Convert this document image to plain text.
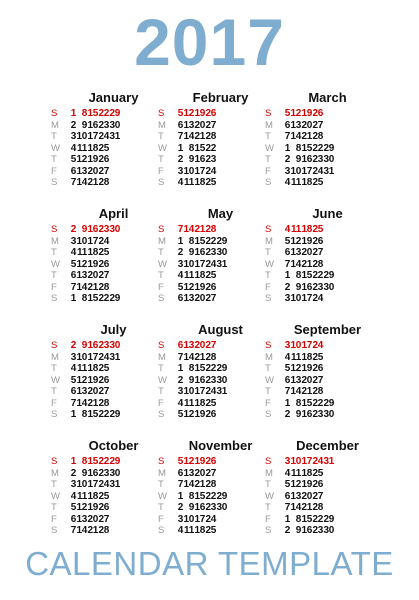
2017
January
S	1 8 15 22 29
M	2 9 16 23 30
T	3 10 17 24 31
W	4 11 18 25
T	5 12 19 26
F	6 13 20 27
S	7 14 21 28
February
S	5 12 19 26
M	6 13 20 27
T	7 14 21 28
W	1 8 15 22
T	2 9 16 23
F	3 10 17 24
S	4 11 18 25
March
S	5 12 19 26
M	6 13 20 27
T	7 14 21 28
W	1 8 15 22 29
T	2 9 16 23 30
F	3 10 17 24 31
S	4 11 18 25
April
S	2 9 16 23 30
M	3 10 17 24
T	4 11 18 25
W	5 12 19 26
T	6 13 20 27
F	7 14 21 28
S	1 8 15 22 29
May
S	7 14 21 28
M	1 8 15 22 29
T	2 9 16 23 30
W	3 10 17 24 31
T	4 11 18 25
F	5 12 19 26
S	6 13 20 27
June
S	4 11 18 25
M	5 12 19 26
T	6 13 20 27
W	7 14 21 28
T	1 8 15 22 29
F	2 9 16 23 30
S	3 10 17 24
July
S	2 9 16 23 30
M	3 10 17 24 31
T	4 11 18 25
W	5 12 19 26
T	6 13 20 27
F	7 14 21 28
S	1 8 15 22 29
August
S	6 13 20 27
M	7 14 21 28
T	1 8 15 22 29
W	2 9 16 23 30
T	3 10 17 24 31
F	4 11 18 25
S	5 12 19 26
September
S	3 10 17 24
M	4 11 18 25
T	5 12 19 26
W	6 13 20 27
T	7 14 21 28
F	1 8 15 22 29
S	2 9 16 23 30
October
S	1 8 15 22 29
M	2 9 16 23 30
T	3 10 17 24 31
W	4 11 18 25
T	5 12 19 26
F	6 13 20 27
S	7 14 21 28
November
S	5 12 19 26
M	6 13 20 27
T	7 14 21 28
W	1 8 15 22 29
T	2 9 16 23 30
F	3 10 17 24
S	4 11 18 25
December
S	3 10 17 24 31
M	4 11 18 25
T	5 12 19 26
W	6 13 20 27
T	7 14 21 28
F	1 8 15 22 29
S	2 9 16 23 30
CALENDAR TEMPLATE
